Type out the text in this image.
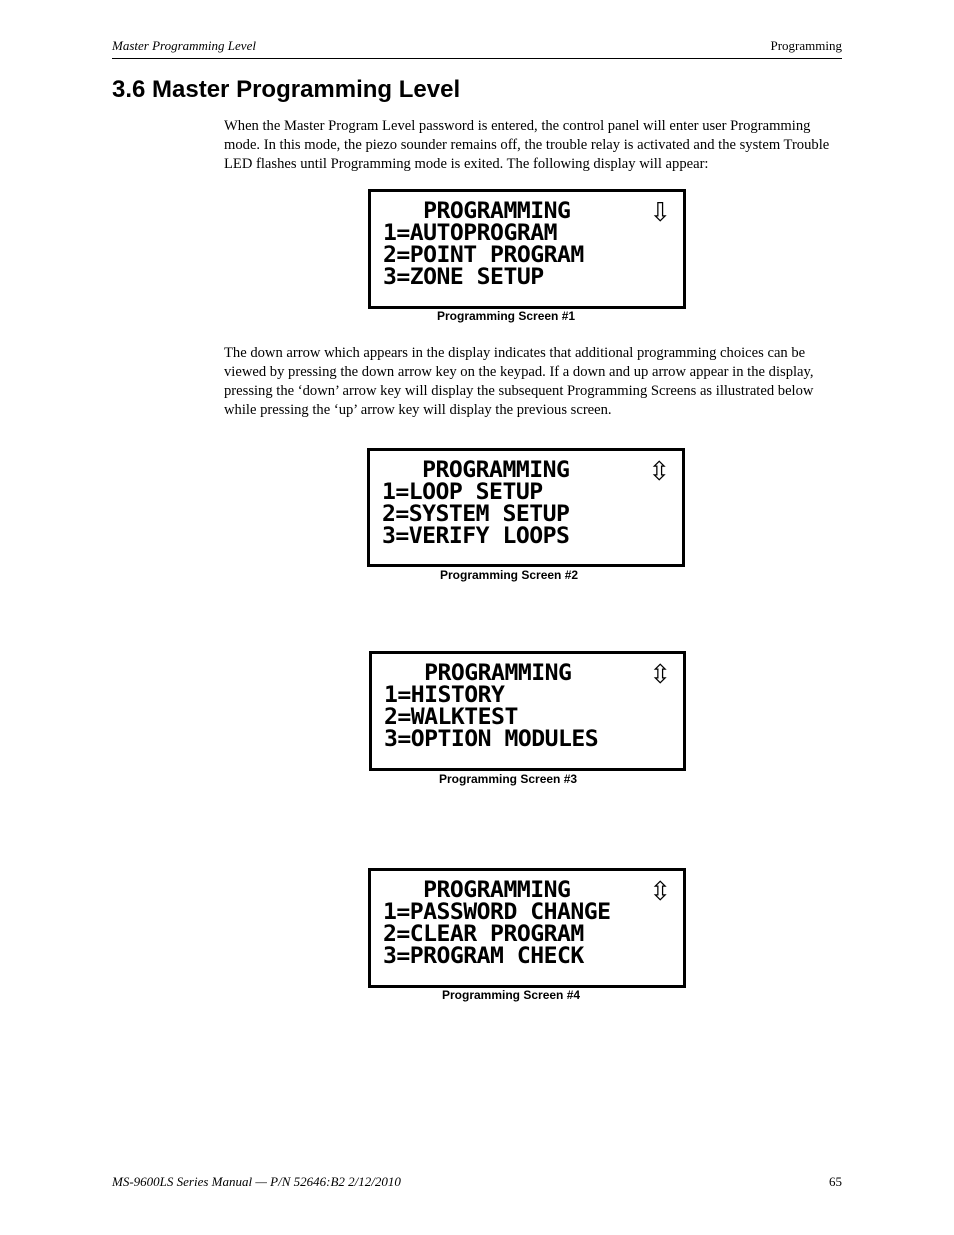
Master Programming Level	Programming
3.6 Master Programming Level

When the Master Program Level password is entered, the control panel will enter user Programming mode. In this mode, the piezo sounder remains off, the trouble relay is activated and the system Trouble LED flashes until Programming mode is exited. The following display will appear:

PROGRAMMING
1=AUTOPROGRAM
2=POINT PROGRAM
3=ZONE SETUP
⇩
Programming Screen #1

The down arrow which appears in the display indicates that additional programming choices can be viewed by pressing the down arrow key on the keypad. If a down and up arrow appear in the display, pressing the ‘down’ arrow key will display the subsequent Programming Screens as illustrated below while pressing the ‘up’ arrow key will display the previous screen.

PROGRAMMING
1=LOOP SETUP
2=SYSTEM SETUP
3=VERIFY LOOPS
⇳
Programming Screen #2
PROGRAMMING
1=HISTORY
2=WALKTEST
3=OPTION MODULES
⇳
Programming Screen #3
PROGRAMMING
1=PASSWORD CHANGE
2=CLEAR PROGRAM
3=PROGRAM CHECK
⇳
Programming Screen #4
MS-9600LS Series Manual — P/N 52646:B2 2/12/2010	65
